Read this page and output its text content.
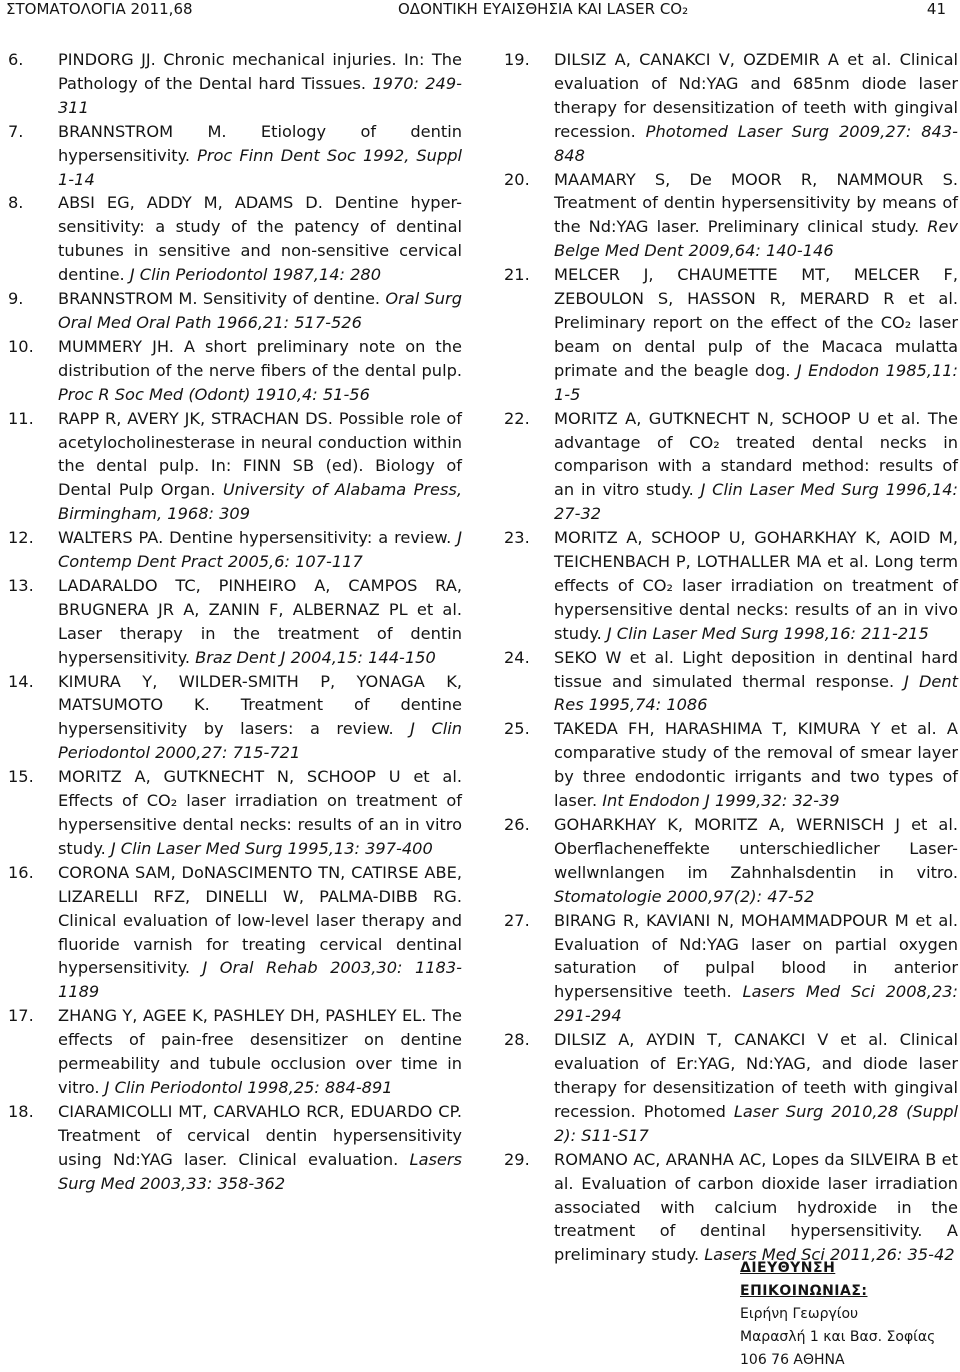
ΣΤΟΜΑΤΟΛΟΓΙΑ 2011,68	ΟΔΟΝΤΙΚΗ ΕΥΑΙΣΘΗΣΙΑ ΚΑΙ LASER CO₂	41

6. PINDORG JJ. Chronic mechanical injuries. In: The Pathology of the Dental hard Tissues. 1970: 249-311

7. BRANNSTROM M. Etiology of dentin hypersensitivity. Proc Finn Dent Soc 1992, Suppl 1-14

8. ABSI EG, ADDY M, ADAMS D. Dentine hyper-sensitivity: a study of the patency of dentinal tubunes in sensitive and non-sensitive cervical dentine. J Clin Periodontol 1987,14: 280

9. BRANNSTROM M. Sensitivity of dentine. Oral Surg Oral Med Oral Path 1966,21: 517-526

10. MUMMERY JH. A short preliminary note on the distribution of the nerve fibers of the dental pulp. Proc R Soc Med (Odont) 1910,4: 51-56

11. RAPP R, AVERY JK, STRACHAN DS. Possible role of acetylocholinesterase in neural conduction within the dental pulp. In: FINN SB (ed). Biology of Dental Pulp Organ. University of Alabama Press, Birmingham, 1968: 309

12. WALTERS PA. Dentine hypersensitivity: a review. J Contemp Dent Pract 2005,6: 107-117

13. LADARALDO TC, PINHEIRO A, CAMPOS RA, BRUGNERA JR A, ZANIN F, ALBERNAZ PL et al. Laser therapy in the treatment of dentin hypersensitivity. Braz Dent J 2004,15: 144-150

14. KIMURA Y, WILDER-SMITH P, YONAGA K, MATSUMOTO K. Treatment of dentine hypersensitivity by lasers: a review. J Clin Periodontol 2000,27: 715-721

15. MORITZ A, GUTKNECHT N, SCHOOP U et al. Effects of CO₂ laser irradiation on treatment of hypersensitive dental necks: results of an in vitro study. J Clin Laser Med Surg 1995,13: 397-400

16. CORONA SAM, DoNASCIMENTO TN, CATIRSE ABE, LIZARELLI RFZ, DINELLI W, PALMA-DIBB RG. Clinical evaluation of low-level laser therapy and fluoride varnish for treating cervical dentinal hypersensitivity. J Oral Rehab 2003,30: 1183-1189

17. ZHANG Y, AGEE K, PASHLEY DH, PASHLEY EL. The effects of pain-free desensitizer on dentine permeability and tubule occlusion over time in vitro. J Clin Periodontol 1998,25: 884-891

18. CIARAMICOLLI MT, CARVAHLO RCR, EDUARDO CP. Treatment of cervical dentin hypersensitivity using Nd:YAG laser. Clinical evaluation. Lasers Surg Med 2003,33: 358-362

19. DILSIZ A, CANAKCI V, OZDEMIR A et al. Clinical evaluation of Nd:YAG and 685nm diode laser therapy for desensitization of teeth with gingival recession. Photomed Laser Surg 2009,27: 843-848

20. MAAMARY S, De MOOR R, NAMMOUR S. Treatment of dentin hypersensitivity by means of the Nd:YAG laser. Preliminary clinical study. Rev Belge Med Dent 2009,64: 140-146

21. MELCER J, CHAUMETTE MT, MELCER F, ZEBOULON S, HASSON R, MERARD R et al. Preliminary report on the effect of the CO₂ laser beam on dental pulp of the Macaca mulatta primate and the beagle dog. J Endodon 1985,11: 1-5

22. MORITZ A, GUTKNECHT N, SCHOOP U et al. The advantage of CO₂ treated dental necks in comparison with a standard method: results of an in vitro study. J Clin Laser Med Surg 1996,14: 27-32

23. MORITZ A, SCHOOP U, GOHARKHAY K, AOID M, TEICHENBACH P, LOTHALLER MA et al. Long term effects of CO₂ laser irradiation on treatment of hypersensitive dental necks: results of an in vivo study. J Clin Laser Med Surg 1998,16: 211-215

24. SEKO W et al. Light deposition in dentinal hard tissue and simulated thermal response. J Dent Res 1995,74: 1086

25. TAKEDA FH, HARASHIMA T, KIMURA Y et al. A comparative study of the removal of smear layer by three endodontic irrigants and two types of laser. Int Endodon J 1999,32: 32-39

26. GOHARKHAY K, MORITZ A, WERNISCH J et al. Oberflacheneffekte unterschiedlicher Laser-wellwnlangen im Zahnhalsdentin in vitro. Stomatologie 2000,97(2): 47-52

27. BIRANG R, KAVIANI N, MOHAMMADPOUR M et al. Evaluation of Nd:YAG laser on partial oxygen saturation of pulpal blood in anterior hypersensitive teeth. Lasers Med Sci 2008,23: 291-294

28. DILSIZ A, AYDIN T, CANAKCI V et al. Clinical evaluation of Er:YAG, Nd:YAG, and diode laser therapy for desensitization of teeth with gingival recession. Photomed Laser Surg 2010,28 (Suppl 2): S11-S17

29. ROMANO AC, ARANHA AC, Lopes da SILVEIRA B et al. Evaluation of carbon dioxide laser irradiation associated with calcium hydroxide in the treatment of dentinal hypersensitivity. A preliminary study. Lasers Med Sci 2011,26: 35-42

ΔΙΕΥΘΥΝΣΗ ΕΠΙΚΟΙΝΩΝΙΑΣ:
Ειρήνη Γεωργίου
Μαρασλή 1 και Βασ. Σοφίας
106 76 ΑΘΗΝΑ
